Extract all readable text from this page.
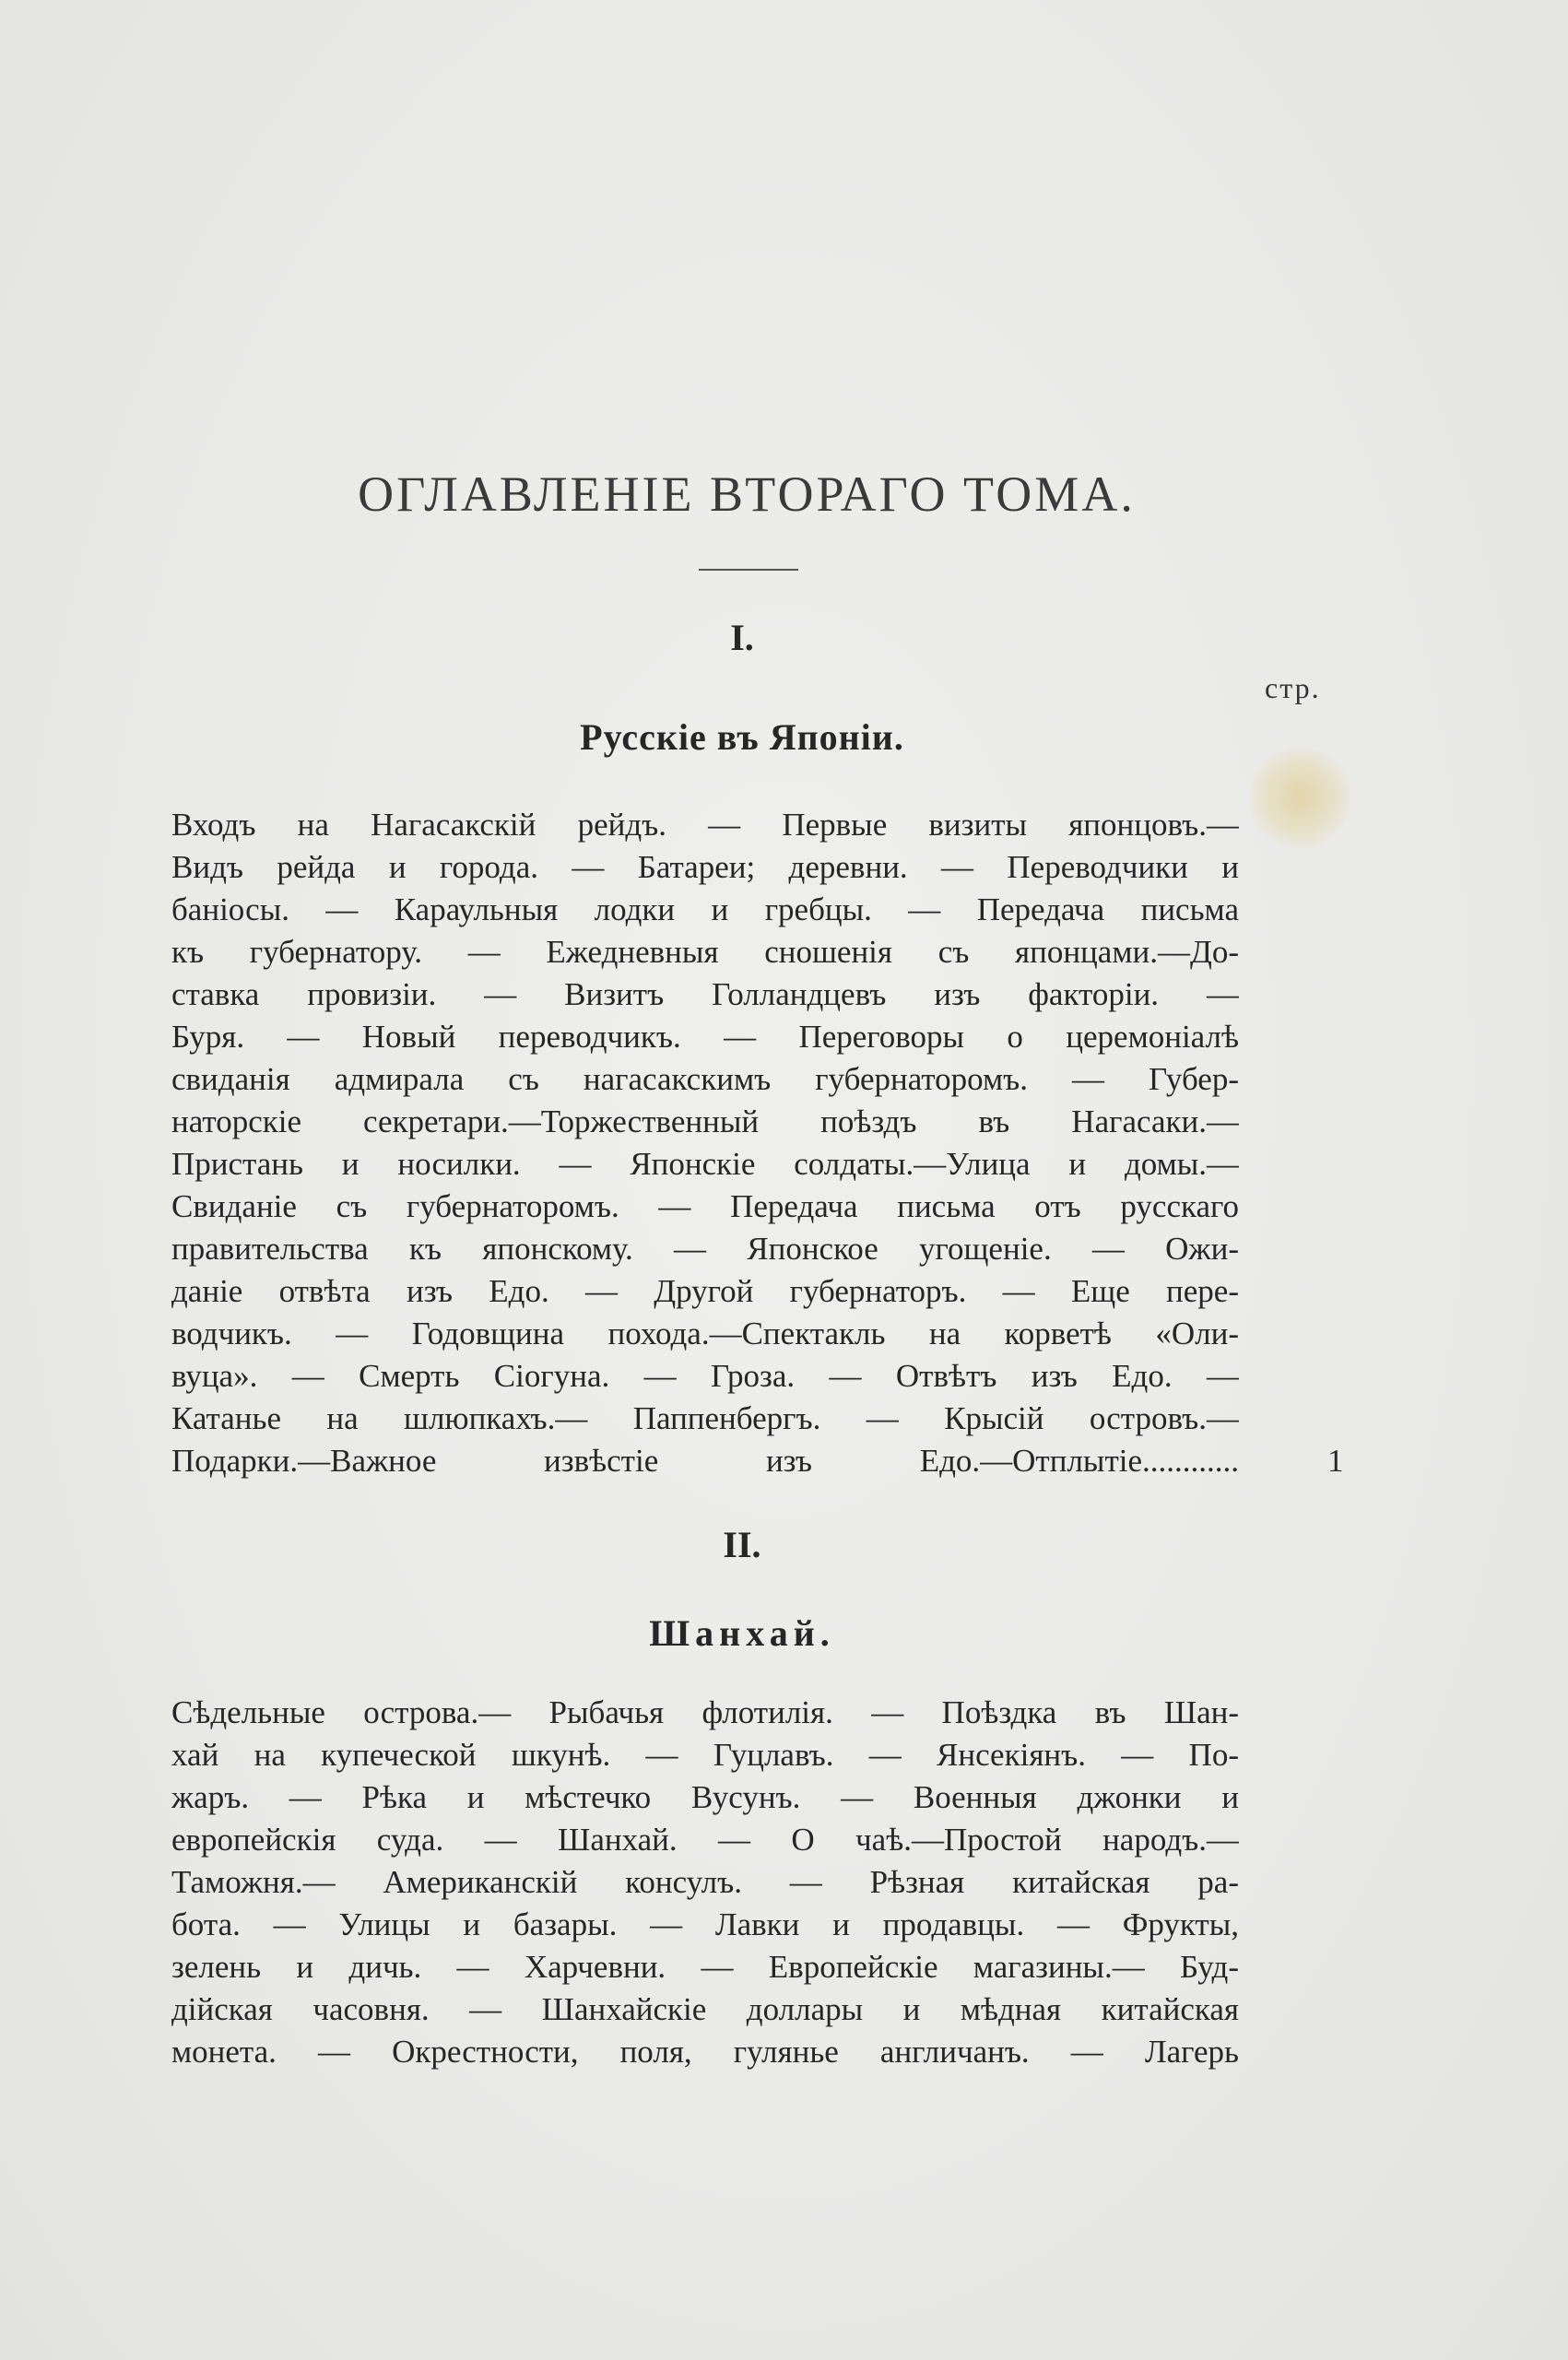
ОГЛАВЛЕНІЕ ВТОРАГО ТОМА.
I.
стр.
Русскіе въ Японіи.
Входъ на Нагасакскій рейдъ. — Первые визиты японцовъ.—
Видъ рейда и города. — Батареи; деревни. — Переводчики и
баніосы. — Караульныя лодки и гребцы. — Передача письма
къ губернатору. — Ежедневныя сношенія съ японцами.—До-
ставка провизіи. — Визитъ Голландцевъ изъ факторіи. —
Буря. — Новый переводчикъ. — Переговоры о церемоніалѣ
свиданія адмирала съ нагасакскимъ губернаторомъ. — Губер-
наторскіе секретари.—Торжественный поѣздъ въ Нагасаки.—
Пристань и носилки. — Японскіе солдаты.—Улица и домы.—
Свиданіе съ губернаторомъ. — Передача письма отъ русскаго
правительства къ японскому. — Японское угощеніе. — Ожи-
даніе отвѣта изъ Едо. — Другой губернаторъ. — Еще пере-
водчикъ. — Годовщина похода.—Спектакль на корветѣ «Оли-
вуца». — Смерть Сіогуна. — Гроза. — Отвѣтъ изъ Едо. —
Катанье на шлюпкахъ.— Паппенбергъ. — Крысій островъ.—
Подарки.—Важное извѣстіе изъ Едо.—Отплытіе............	1
II.
Шанхай.
Сѣдельные острова.— Рыбачья флотилія. — Поѣздка въ Шан-
хай на купеческой шкунѣ. — Гуцлавъ. — Янсекіянъ. — По-
жаръ. — Рѣка и мѣстечко Вусунъ. — Военныя джонки и
европейскія суда. — Шанхай. — О чаѣ.—Простой народъ.—
Таможня.— Американскій консулъ. — Рѣзная китайская ра-
бота. — Улицы и базары. — Лавки и продавцы. — Фрукты,
зелень и дичь. — Харчевни. — Европейскіе магазины.— Буд-
дійская часовня. — Шанхайскіе доллары и мѣдная китайская
монета. — Окрестности, поля, гулянье англичанъ. — Лагерь
